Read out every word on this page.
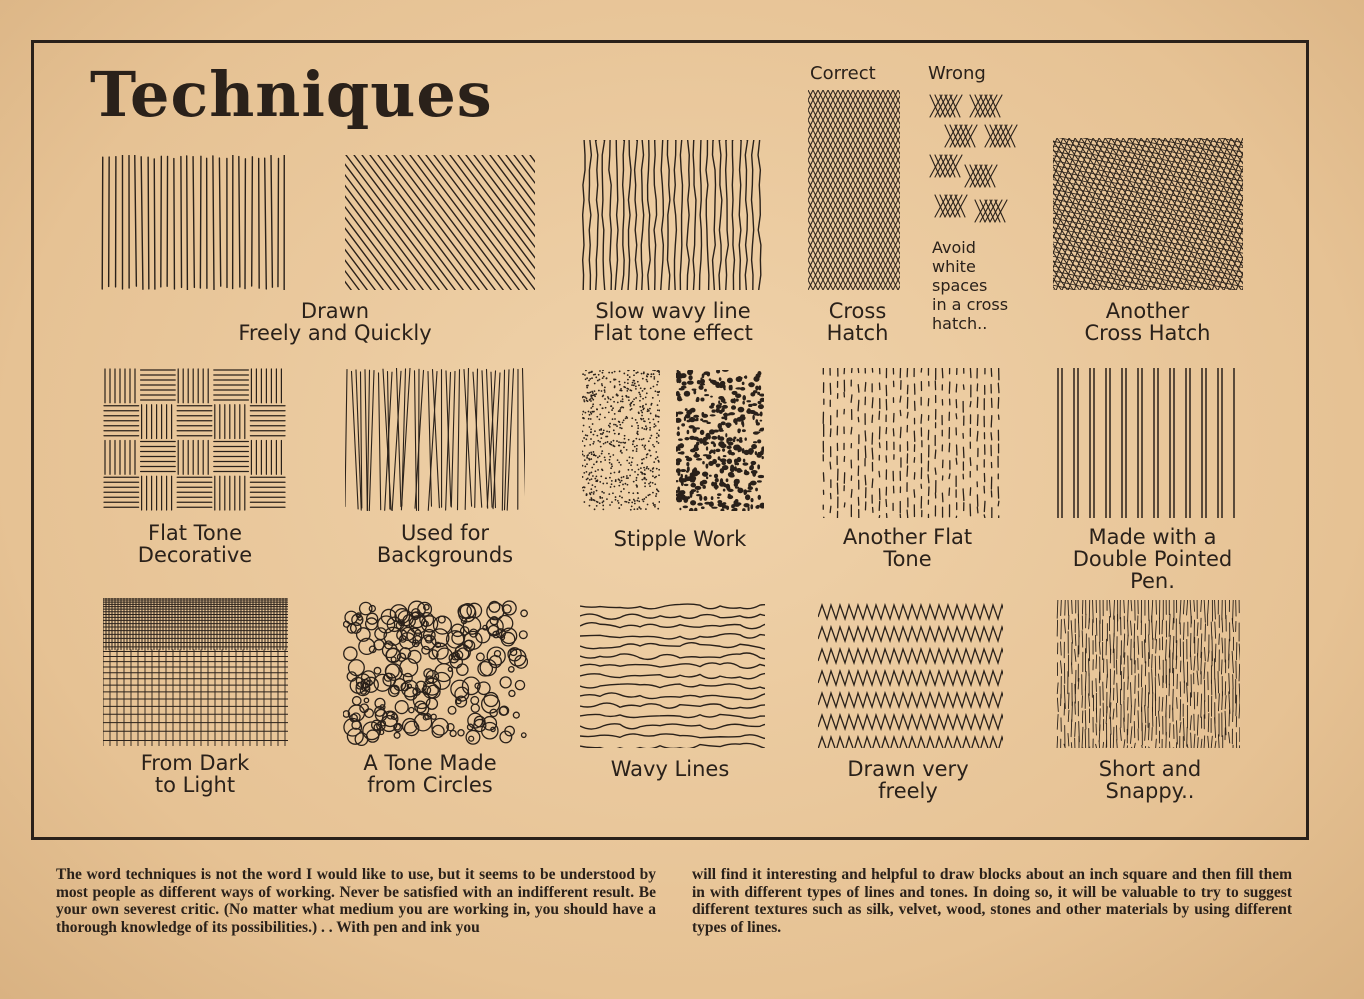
Techniques	Correct	Wrong
Avoid
white
spaces
in a cross
hatch..
Drawn
Freely and Quickly
Slow wavy line
Flat tone effect
Cross
Hatch
Another
Cross Hatch
Flat Tone
Decorative
Used for
Backgrounds
Stipple Work	Another Flat
Tone
Made with a
Double Pointed
Pen.
From Dark
to Light
A Tone Made
from Circles
Wavy Lines	Drawn very
freely
Short and
Snappy..
The word techniques is not the word I would like to use, but it seems to be understood by most people as different ways of working. Never be satisfied with an indifferent result. Be your own severest critic. (No matter what medium you are working in, you should have a thorough knowledge of its possibilities.) . . With pen and ink you
will find it interesting and helpful to draw blocks about an inch square and then fill them in with different types of lines and tones. In doing so, it will be valuable to try to suggest different textures such as silk, velvet, wood, stones and other materials by using different types of lines.
